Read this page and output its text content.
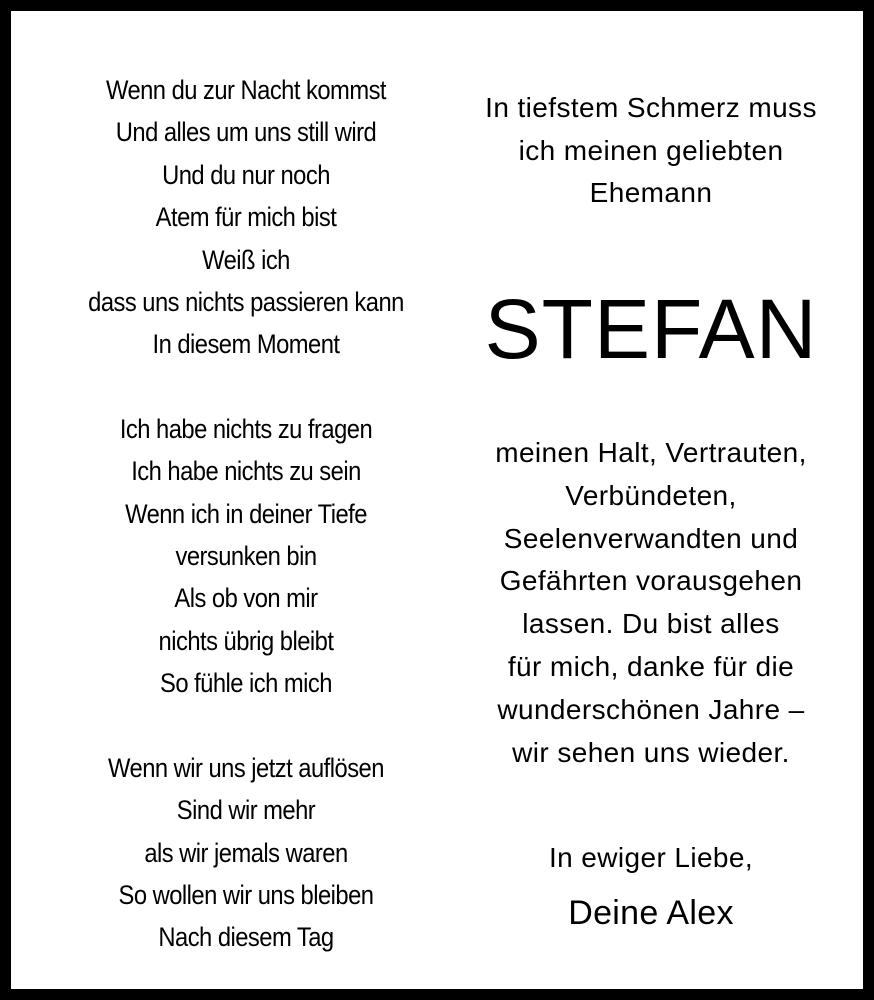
Wenn du zur Nacht kommst
Und alles um uns still wird
Und du nur noch
Atem für mich bist
Weiß ich
dass uns nichts passieren kann
In diesem Moment

Ich habe nichts zu fragen
Ich habe nichts zu sein
Wenn ich in deiner Tiefe
versunken bin
Als ob von mir
nichts übrig bleibt
So fühle ich mich

Wenn wir uns jetzt auflösen
Sind wir mehr
als wir jemals waren
So wollen wir uns bleiben
Nach diesem Tag

In tiefstem Schmerz muss
ich meinen geliebten
Ehemann
STEFAN
meinen Halt, Vertrauten,
Verbündeten,
Seelenverwandten und
Gefährten vorausgehen
lassen. Du bist alles
für mich, danke für die
wunderschönen Jahre –
wir sehen uns wieder.
In ewiger Liebe,
Deine Alex
